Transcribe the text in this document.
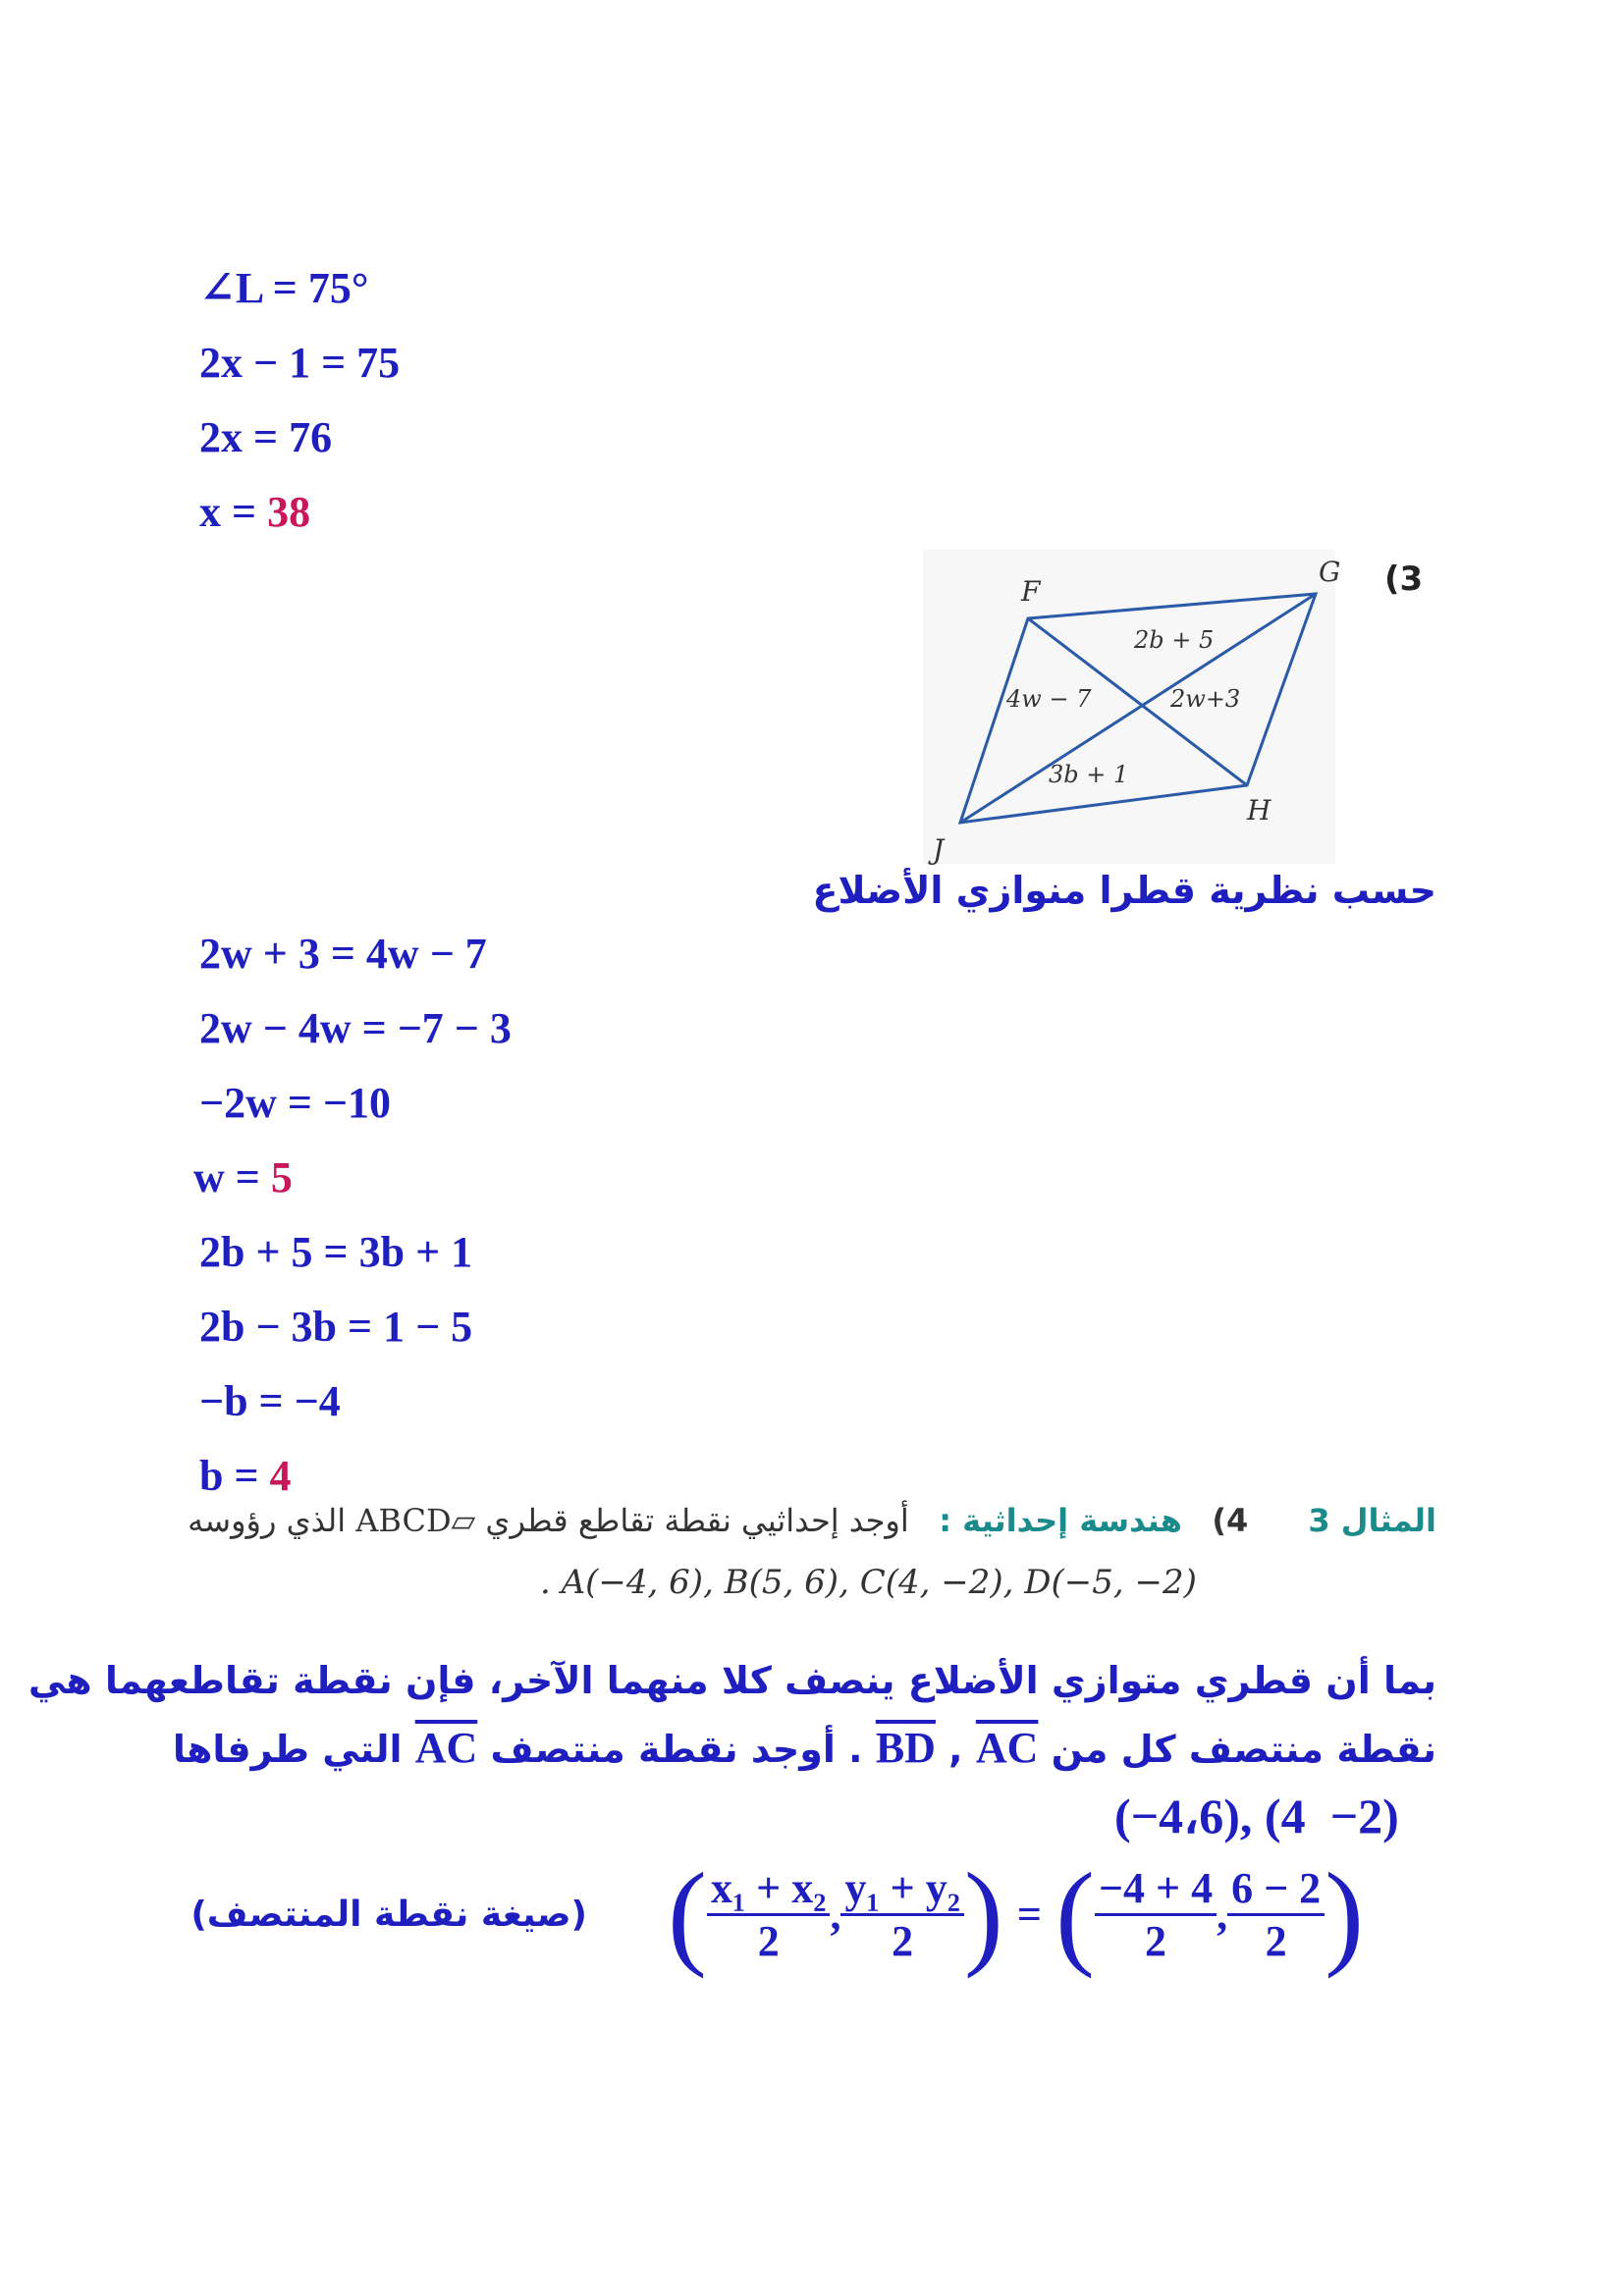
∠L = 75°
2x − 1 = 75
2x = 76
x = 38
(3
F
G
H
J
2b + 5
4w − 7	2w+3
3b + 1
حسب نظرية قطرا منوازي الأضلاع
2w + 3 = 4w − 7
2w − 4w = −7 − 3
−2w = −10
w = 5
2b + 5 = 3b + 1
2b − 3b = 1 − 5
−b = −4
b = 4
المثال 3      4)   هندسة إحداثية :   أوجد إحداثيي نقطة تقاطع قطري ▱ABCD الذي رؤوسه
. A(−4, 6), B(5, 6), C(4, −2), D(−5, −2)
بما أن قطري متوازي الأضلاع ينصف كلا منهما الآخر، فإن نقطة تقاطعهما هي
نقطة منتصف كل من BD , AC . أوجد نقطة منتصف AC التي طرفاها
(−4،6), (4  −2)
(صيغة نقطة المنتصف) ( $\frac{\text{x₁ + x₂}}{2}$ , $\frac{\text{y₁ + y₂}}{2}$ ) = ( $\frac{-4 + 4}{2}$ , $\frac{6 - 2}{2}$ )
